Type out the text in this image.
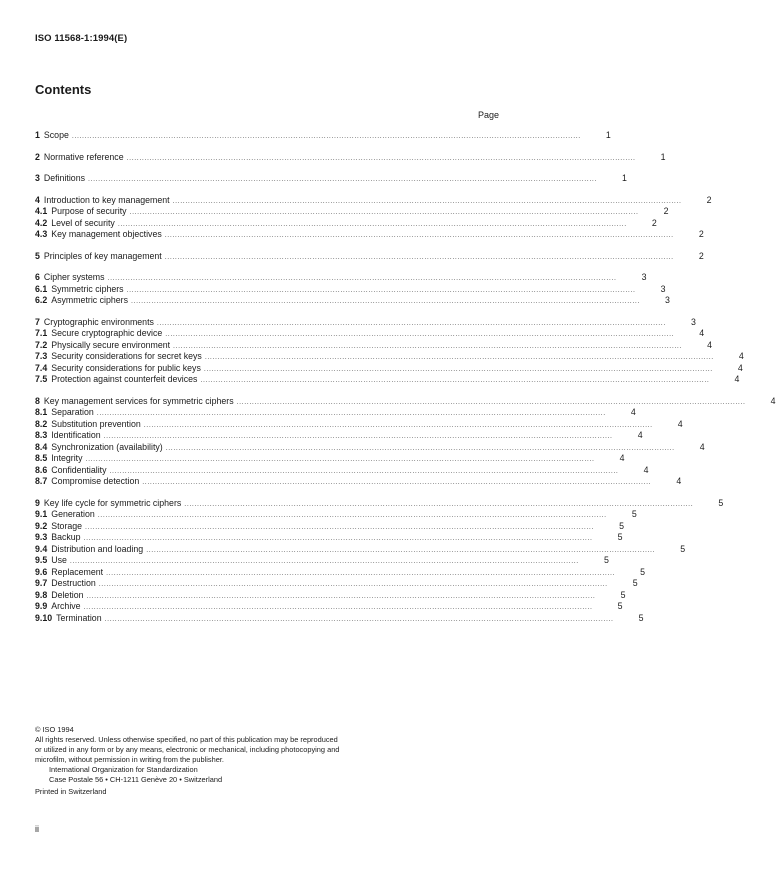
ISO 11568-1:1994(E)
Contents
Page
1 Scope ........................................................................................................................................................................................................	1
2 Normative reference ........................................................................................................................................................................................................	1
3 Definitions ........................................................................................................................................................................................................	1
4 Introduction to key management ........................................................................................................................................................................................................	2
4.1 Purpose of security ........................................................................................................................................................................................................	2
4.2 Level of security ........................................................................................................................................................................................................	2
4.3 Key management objectives ........................................................................................................................................................................................................	2
5 Principles of key management ........................................................................................................................................................................................................	2
6 Cipher systems ........................................................................................................................................................................................................	3
6.1 Symmetric ciphers ........................................................................................................................................................................................................	3
6.2 Asymmetric ciphers ........................................................................................................................................................................................................	3
7 Cryptographic environments ........................................................................................................................................................................................................	3
7.1 Secure cryptographic device ........................................................................................................................................................................................................	4
7.2 Physically secure environment ........................................................................................................................................................................................................	4
7.3 Security considerations for secret keys ........................................................................................................................................................................................................	4
7.4 Security considerations for public keys ........................................................................................................................................................................................................	4
7.5 Protection against counterfeit devices ........................................................................................................................................................................................................	4
8 Key management services for symmetric ciphers ........................................................................................................................................................................................................	4
8.1 Separation ........................................................................................................................................................................................................	4
8.2 Substitution prevention ........................................................................................................................................................................................................	4
8.3 Identification ........................................................................................................................................................................................................	4
8.4 Synchronization (availability) ........................................................................................................................................................................................................	4
8.5 Integrity ........................................................................................................................................................................................................	4
8.6 Confidentiality ........................................................................................................................................................................................................	4
8.7 Compromise detection ........................................................................................................................................................................................................	4
9 Key life cycle for symmetric ciphers ........................................................................................................................................................................................................	5
9.1 Generation ........................................................................................................................................................................................................	5
9.2 Storage ........................................................................................................................................................................................................	5
9.3 Backup ........................................................................................................................................................................................................	5
9.4 Distribution and loading ........................................................................................................................................................................................................	5
9.5 Use ........................................................................................................................................................................................................	5
9.6 Replacement ........................................................................................................................................................................................................	5
9.7 Destruction ........................................................................................................................................................................................................	5
9.8 Deletion ........................................................................................................................................................................................................	5
9.9 Archive ........................................................................................................................................................................................................	5
9.10 Termination ........................................................................................................................................................................................................	5
© ISO 1994
All rights reserved. Unless otherwise specified, no part of this publication may be reproduced
or utilized in any form or by any means, electronic or mechanical, including photocopying and
microfilm, without permission in writing from the publisher.
International Organization for Standardization
Case Postale 56 • CH-1211 Genève 20 • Switzerland
Printed in Switzerland
ii
